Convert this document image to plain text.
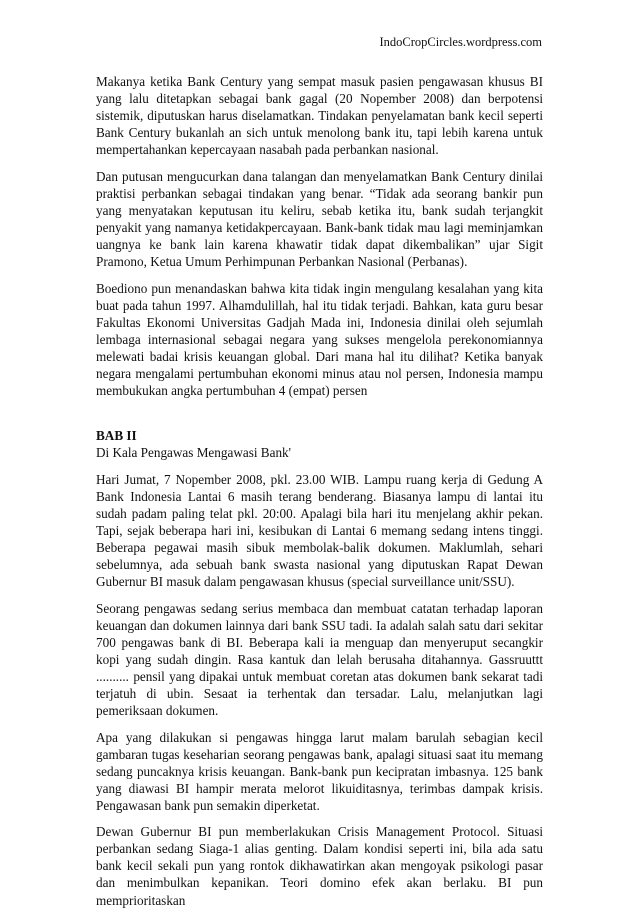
IndoCropCircles.wordpress.com

Makanya ketika Bank Century yang sempat masuk pasien pengawasan khusus BI yang lalu ditetapkan sebagai bank gagal (20 Nopember 2008) dan berpotensi sistemik, diputuskan harus diselamatkan. Tindakan penyelamatan bank kecil seperti Bank Century bukanlah an sich untuk menolong bank itu, tapi lebih karena untuk mempertahankan kepercayaan nasabah pada perbankan nasional.

Dan putusan mengucurkan dana talangan dan menyelamatkan Bank Century dinilai praktisi perbankan sebagai tindakan yang benar. “Tidak ada seorang bankir pun yang menyatakan keputusan itu keliru, sebab ketika itu, bank sudah terjangkit penyakit yang namanya ketidakpercayaan. Bank-bank tidak mau lagi meminjamkan uangnya ke bank lain karena khawatir tidak dapat dikembalikan” ujar Sigit Pramono, Ketua Umum Perhimpunan Perbankan Nasional (Perbanas).

Boediono pun menandaskan bahwa kita tidak ingin mengulang kesalahan yang kita buat pada tahun 1997. Alhamdulillah, hal itu tidak terjadi. Bahkan, kata guru besar Fakultas Ekonomi Universitas Gadjah Mada ini, Indonesia dinilai oleh sejumlah lembaga internasional sebagai negara yang sukses mengelola perekonomiannya melewati badai krisis keuangan global. Dari mana hal itu dilihat? Ketika banyak negara mengalami pertumbuhan ekonomi minus atau nol persen, Indonesia mampu membukukan angka pertumbuhan 4 (empat) persen

BAB II

Di Kala Pengawas Mengawasi Bank'

Hari Jumat, 7 Nopember 2008, pkl. 23.00 WIB. Lampu ruang kerja di Gedung A Bank Indonesia Lantai 6 masih terang benderang. Biasanya lampu di lantai itu sudah padam paling telat pkl. 20:00. Apalagi bila hari itu menjelang akhir pekan. Tapi, sejak beberapa hari ini, kesibukan di Lantai 6 memang sedang intens tinggi. Beberapa pegawai masih sibuk membolak-balik dokumen. Maklumlah, sehari sebelumnya, ada sebuah bank swasta nasional yang diputuskan Rapat Dewan Gubernur BI masuk dalam pengawasan khusus (special surveillance unit/SSU).

Seorang pengawas sedang serius membaca dan membuat catatan terhadap laporan keuangan dan dokumen lainnya dari bank SSU tadi. Ia adalah salah satu dari sekitar 700 pengawas bank di BI. Beberapa kali ia menguap dan menyeruput secangkir kopi yang sudah dingin. Rasa kantuk dan lelah berusaha ditahannya. Gassruuttt .......... pensil yang dipakai untuk membuat coretan atas dokumen bank sekarat tadi terjatuh di ubin. Sesaat ia terhentak dan tersadar. Lalu, melanjutkan lagi pemeriksaan dokumen.

Apa yang dilakukan si pengawas hingga larut malam barulah sebagian kecil gambaran tugas keseharian seorang pengawas bank, apalagi situasi saat itu memang sedang puncaknya krisis keuangan. Bank-bank pun kecipratan imbasnya. 125 bank yang diawasi BI hampir merata melorot likuiditasnya, terimbas dampak krisis. Pengawasan bank pun semakin diperketat.

Dewan Gubernur BI pun memberlakukan Crisis Management Protocol. Situasi perbankan sedang Siaga-1 alias genting. Dalam kondisi seperti ini, bila ada satu bank kecil sekali pun yang rontok dikhawatirkan akan mengoyak psikologi pasar dan menimbulkan kepanikan. Teori domino efek akan berlaku. BI pun memprioritaskan
